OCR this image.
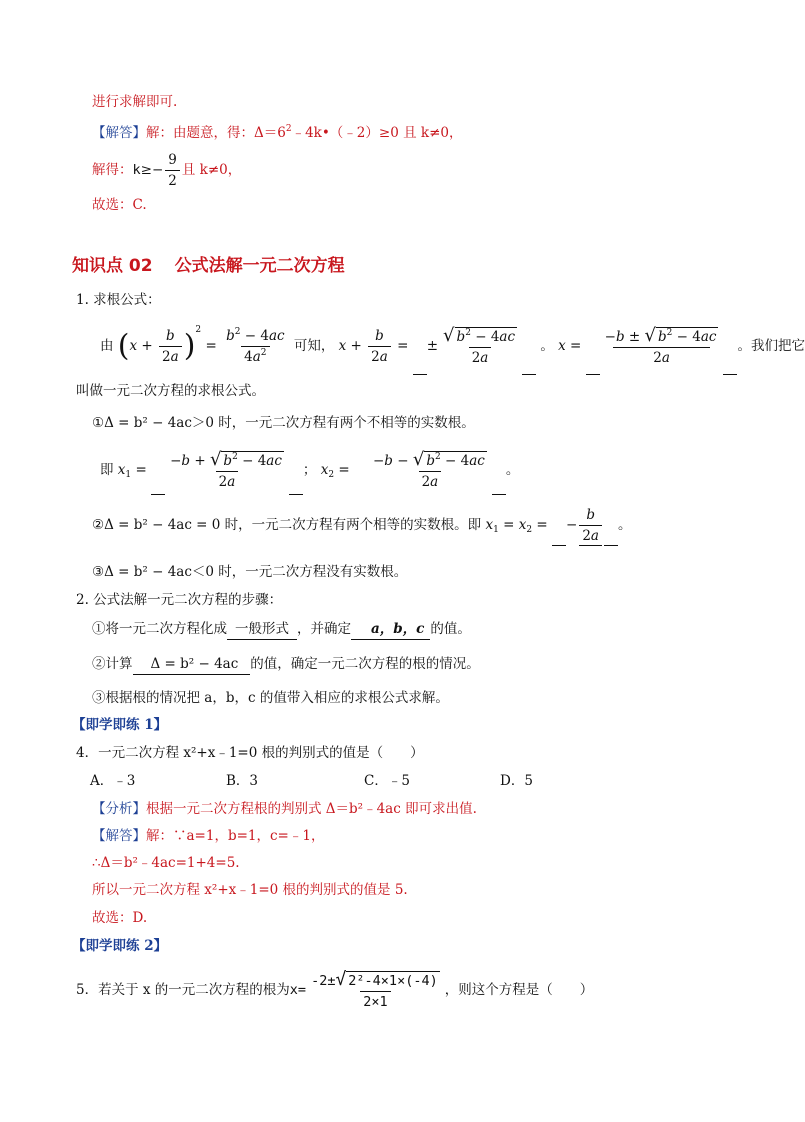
进行求解即可.
【解答】解：由题意，得：$\Delta=6^2﹣4k•(﹣2)\ge 0$ 且 k≠0，
解得：$k\ge- \frac{9}{2}$ 且 k≠0，
故选：C.
知识点 02 公式法解一元二次方程
1. 求根公式：
由 $(x + \frac{b}{2a} )^2 = \frac{b^2 - 4ac}{4a^2}$ 可知， $x + \frac{b}{2a}$ = ± $\frac{√ b^2 - 4ac}{2a}$ 。 $x = \frac{-b \pm √ b^2 - 4ac}{2a}$ 。我们把它
叫做一元二次方程的求根公式。
①Δ = b² − 4ac＞0 时，一元二次方程有两个不相等的实数根。
即 $x_1 = \frac{-b + √ b^2 - 4ac}{2a}$ ； $x_2 = \frac{-b - √ b^2 - 4ac}{2a}$ 。
②Δ = b² − 4ac = 0 时，一元二次方程有两个相等的实数根。即 $x_1 = x_2$ = − $\frac{b}{2a}$ 。
③Δ = b² − 4ac＜0 时，一元二次方程没有实数根。
2. 公式法解一元二次方程的步骤：
①将一元二次方程化成 一般形式 ，并确定 a，b，c 的值。
②计算 Δ = b² − 4ac 的值，确定一元二次方程的根的情况。
③根据根的情况把 a，b，c 的值带入相应的求根公式求解。
【即学即练 1】
4．一元二次方程 x²+x﹣1=0 根的判别式的值是（　　）
A．﹣3	B．3	C．﹣5	D．5
【分析】根据一元二次方程根的判别式 Δ＝b²﹣4ac 即可求出值.
【解答】解：∵a=1，b=1，c=﹣1，
∴Δ＝b²﹣4ac=1+4=5.
所以一元二次方程 x²+x﹣1=0 根的判别式的值是 5.
故选：D.
【即学即练 2】
5．若关于 x 的一元二次方程的根为$x= \frac{\text{-2±√ 2²-4×1×(-4)}}{2\times 1}$ ，则这个方程是（　　）
